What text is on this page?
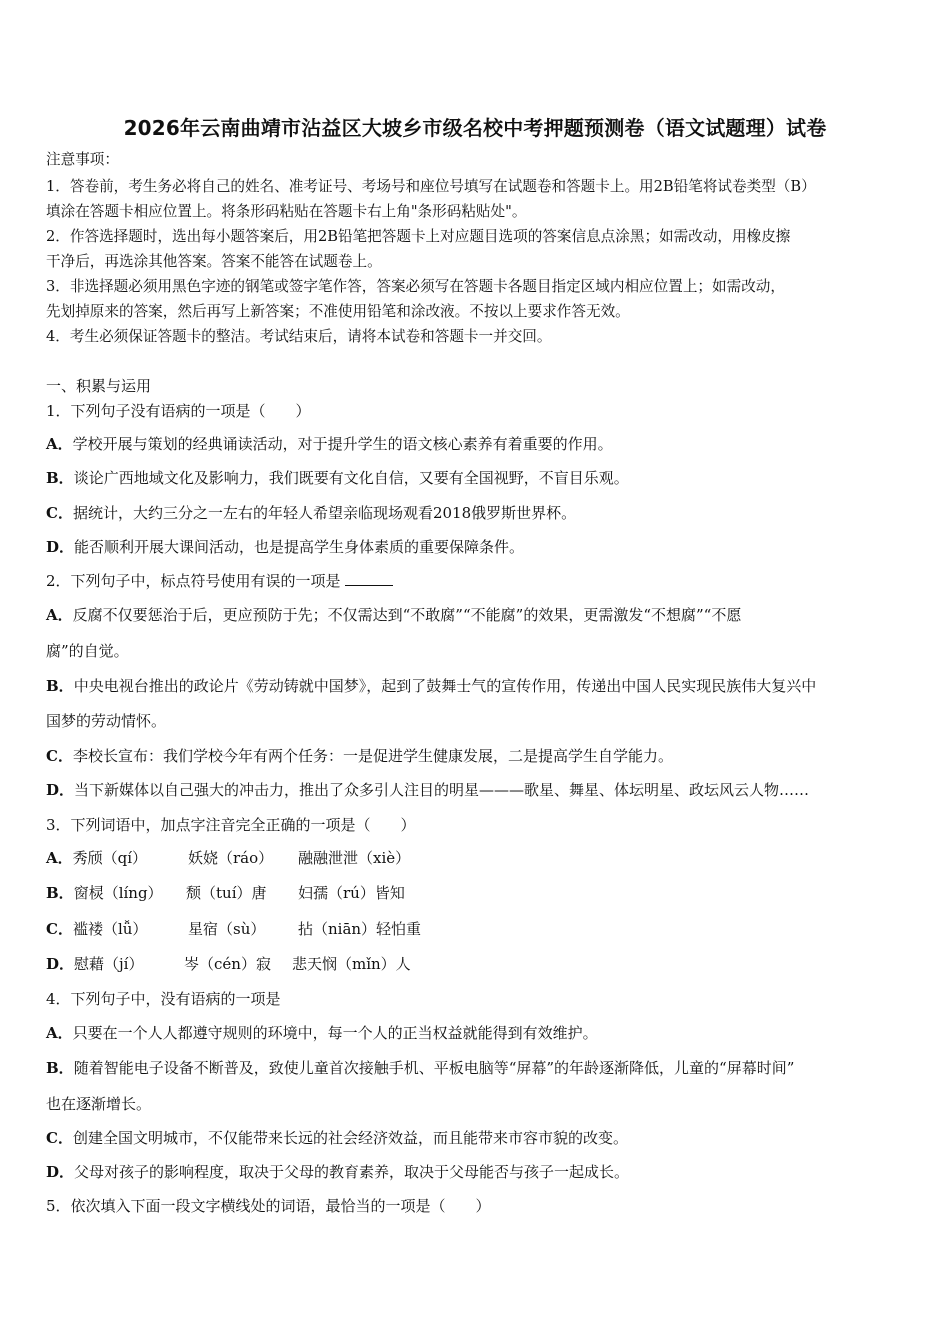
2026年云南曲靖市沾益区大坡乡市级名校中考押题预测卷（语文试题理）试卷
注意事项：
1．答卷前，考生务必将自己的姓名、准考证号、考场号和座位号填写在试题卷和答题卡上。用2B铅笔将试卷类型（B）
填涂在答题卡相应位置上。将条形码粘贴在答题卡右上角"条形码粘贴处"。
2．作答选择题时，选出每小题答案后，用2B铅笔把答题卡上对应题目选项的答案信息点涂黑；如需改动，用橡皮擦
干净后，再选涂其他答案。答案不能答在试题卷上。
3．非选择题必须用黑色字迹的钢笔或签字笔作答，答案必须写在答题卡各题目指定区域内相应位置上；如需改动，
先划掉原来的答案，然后再写上新答案；不准使用铅笔和涂改液。不按以上要求作答无效。
4．考生必须保证答题卡的整洁。考试结束后，请将本试卷和答题卡一并交回。
一、积累与运用
1．下列句子没有语病的一项是（　　）
A．学校开展与策划的经典诵读活动，对于提升学生的语文核心素养有着重要的作用。
B．谈论广西地域文化及影响力，我们既要有文化自信，又要有全国视野，不盲目乐观。
C．据统计，大约三分之一左右的年轻人希望亲临现场观看2018俄罗斯世界杯。
D．能否顺利开展大课间活动，也是提高学生身体素质的重要保障条件。
2．下列句子中，标点符号使用有误的一项是
A．反腐不仅要惩治于后，更应预防于先；不仅需达到“不敢腐”“不能腐”的效果，更需激发“不想腐”“不愿
腐”的自觉。
B．中央电视台推出的政论片《劳动铸就中国梦》，起到了鼓舞士气的宣传作用，传递出中国人民实现民族伟大复兴中
国梦的劳动情怀。
C．李校长宣布：我们学校今年有两个任务：一是促进学生健康发展，二是提高学生自学能力。
D．当下新媒体以自己强大的冲击力，推出了众多引人注目的明星———歌星、舞星、体坛明星、政坛风云人物……
3．下列词语中，加点字注音完全正确的一项是（　　）
A．秀颀（qí）	妖娆（ráo） 融融泄泄（xiè）
B．窗棂（líng） 颓（tuí）唐 妇孺（rú）皆知
C．褴褛（lǚ）	星宿（sù） 拈（niān）轻怕重
D．慰藉（jí）	岑（cén）寂 悲天悯（mǐn）人
4．下列句子中，没有语病的一项是
A．只要在一个人人都遵守规则的环境中，每一个人的正当权益就能得到有效维护。
B．随着智能电子设备不断普及，致使儿童首次接触手机、平板电脑等“屏幕”的年龄逐渐降低，儿童的“屏幕时间”
也在逐渐增长。
C．创建全国文明城市，不仅能带来长远的社会经济效益，而且能带来市容市貌的改变。
D．父母对孩子的影响程度，取决于父母的教育素养，取决于父母能否与孩子一起成长。
5．依次填入下面一段文字横线处的词语，最恰当的一项是（　　）
